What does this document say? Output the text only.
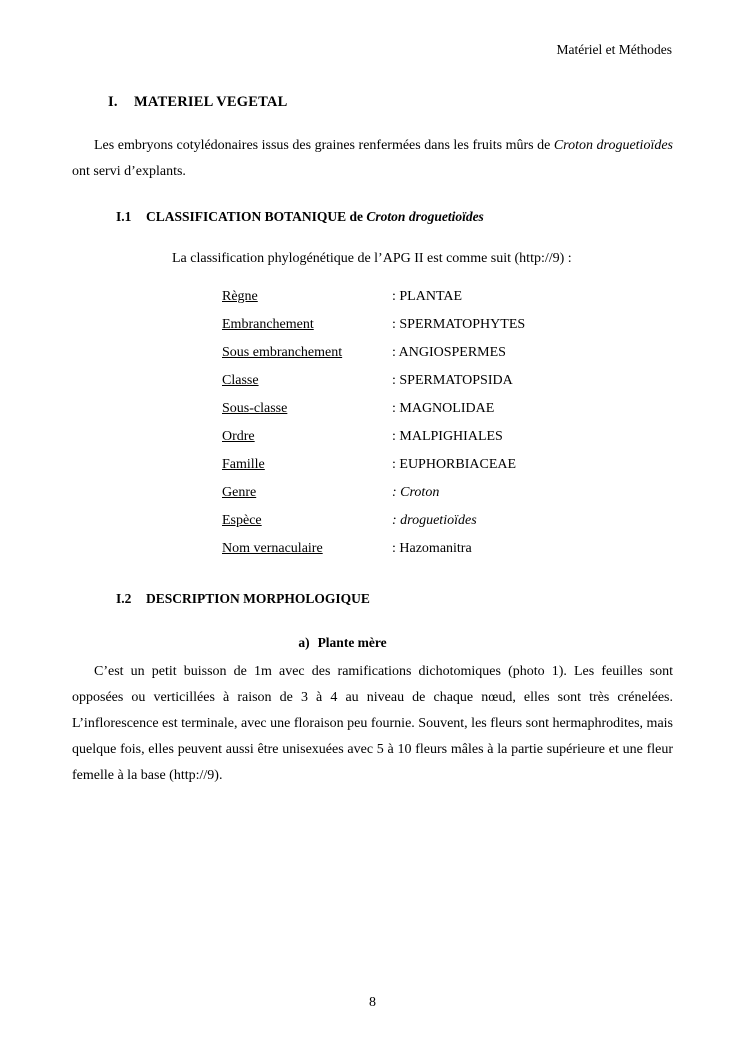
Matériel et Méthodes
I. MATERIEL VEGETAL

Les embryons cotylédonaires issus des graines renfermées dans les fruits mûrs de Croton droguetioïdes ont servi d’explants.

I.1 CLASSIFICATION BOTANIQUE de Croton droguetioïdes
La classification phylogénétique de l’APG II est comme suit (http://9) :
Règne	: PLANTAE
Embranchement	: SPERMATOPHYTES
Sous embranchement	: ANGIOSPERMES
Classe	: SPERMATOPSIDA
Sous-classe	: MAGNOLIDAE
Ordre	: MALPIGHIALES
Famille	: EUPHORBIACEAE
Genre	: Croton
Espèce	: droguetioïdes
Nom vernaculaire	: Hazomanitra
I.2 DESCRIPTION MORPHOLOGIQUE
a) Plante mère

C’est un petit buisson de 1m avec des ramifications dichotomiques (photo 1). Les feuilles sont opposées ou verticillées à raison de 3 à 4 au niveau de chaque nœud, elles sont très crénelées. L’inflorescence est terminale, avec une floraison peu fournie. Souvent, les fleurs sont hermaphrodites, mais quelque fois, elles peuvent aussi être unisexuées avec 5 à 10 fleurs mâles à la partie supérieure et une fleur femelle à la base (http://9).

8
